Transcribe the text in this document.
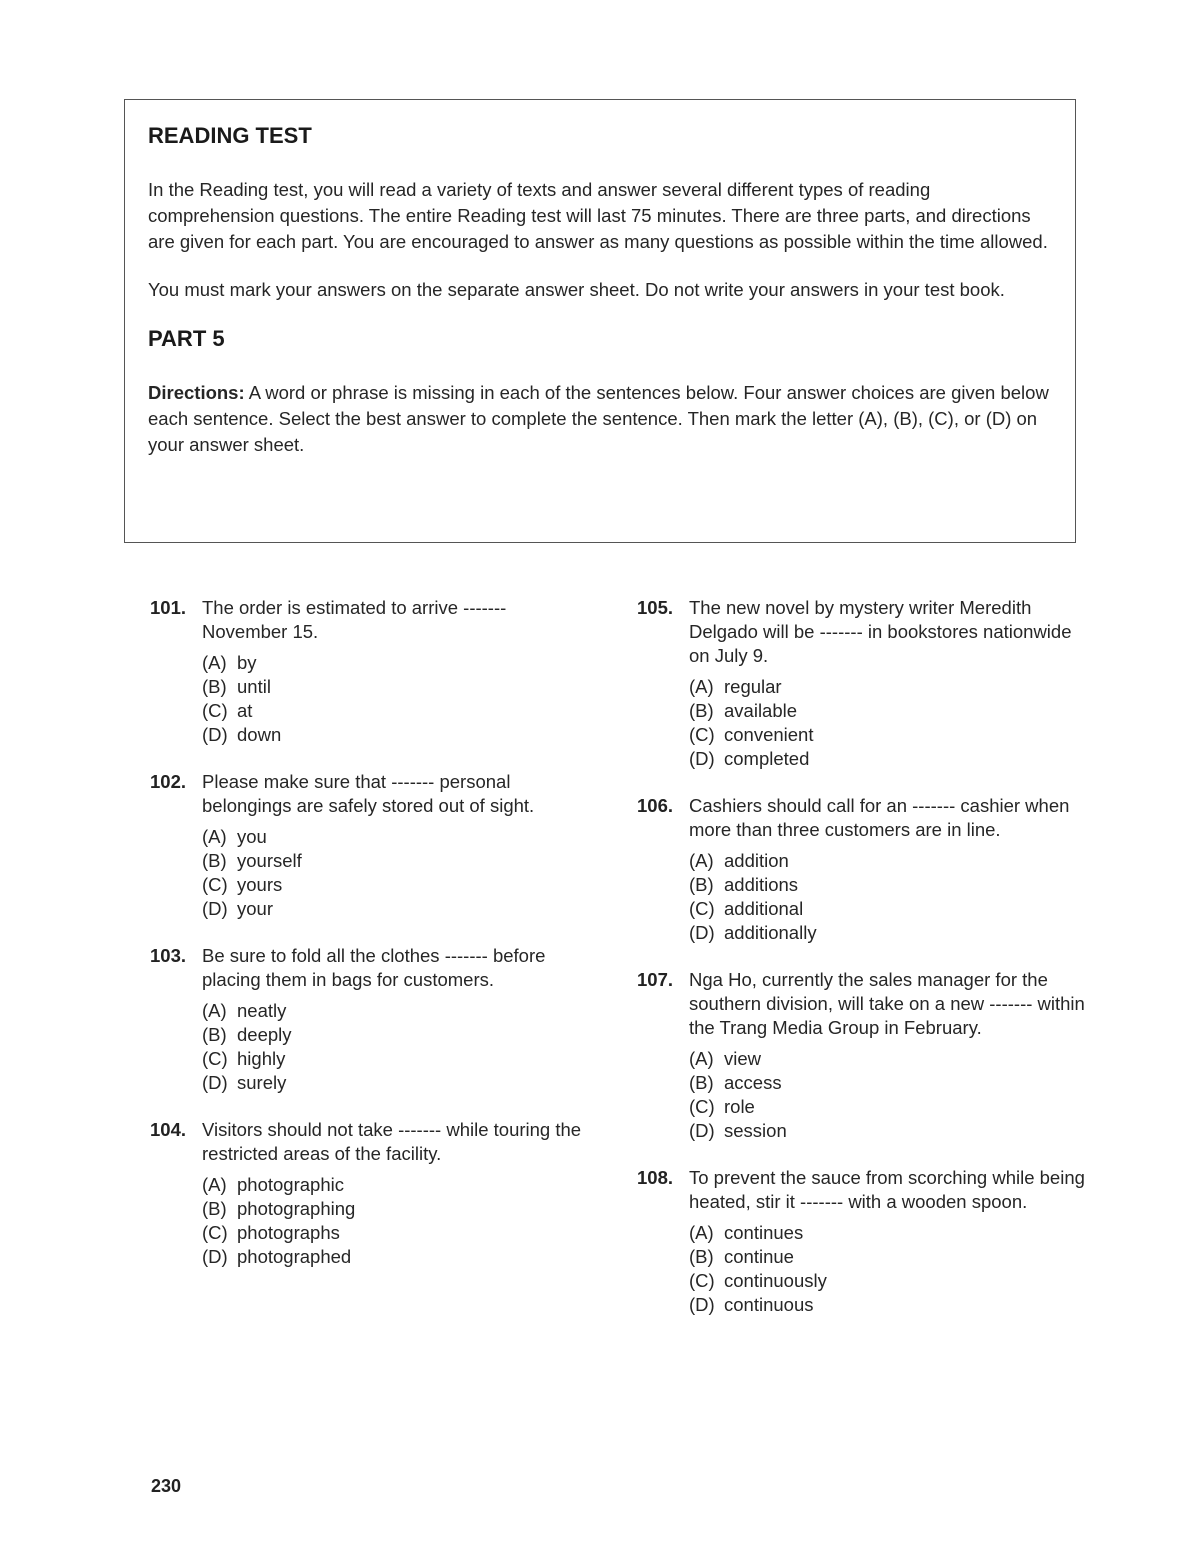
READING TEST

In the Reading test, you will read a variety of texts and answer several different types of reading comprehension questions. The entire Reading test will last 75 minutes. There are three parts, and directions are given for each part. You are encouraged to answer as many questions as possible within the time allowed.

You must mark your answers on the separate answer sheet. Do not write your answers in your test book.

PART 5

Directions: A word or phrase is missing in each of the sentences below. Four answer choices are given below each sentence. Select the best answer to complete the sentence. Then mark the letter (A), (B), (C), or (D) on your answer sheet.

101. The order is estimated to arrive ------- November 15.
(A) by
(B) until
(C) at
(D) down
102. Please make sure that ------- personal belongings are safely stored out of sight.
(A) you
(B) yourself
(C) yours
(D) your
103. Be sure to fold all the clothes ------- before placing them in bags for customers.
(A) neatly
(B) deeply
(C) highly
(D) surely
104. Visitors should not take ------- while touring the restricted areas of the facility.
(A) photographic
(B) photographing
(C) photographs
(D) photographed
105. The new novel by mystery writer Meredith Delgado will be ------- in bookstores nationwide on July 9.
(A) regular
(B) available
(C) convenient
(D) completed
106. Cashiers should call for an ------- cashier when more than three customers are in line.
(A) addition
(B) additions
(C) additional
(D) additionally
107. Nga Ho, currently the sales manager for the southern division, will take on a new ------- within the Trang Media Group in February.
(A) view
(B) access
(C) role
(D) session
108. To prevent the sauce from scorching while being heated, stir it ------- with a wooden spoon.
(A) continues
(B) continue
(C) continuously
(D) continuous
230
